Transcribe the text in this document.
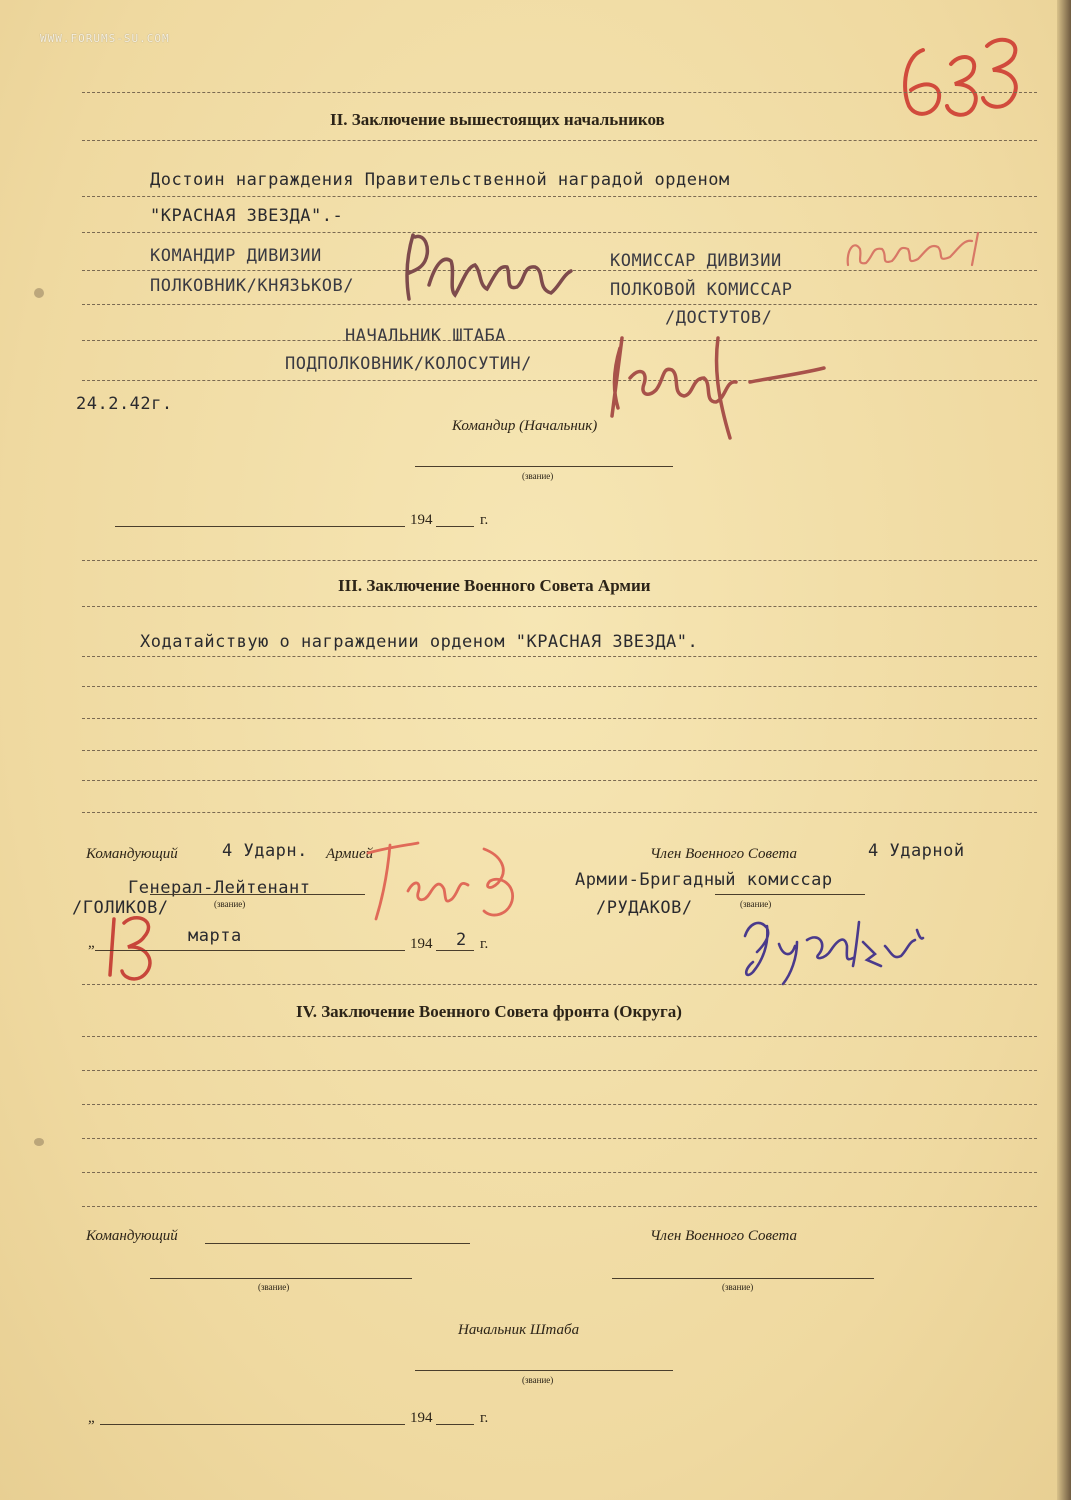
WWW.FORUMS-SU.COM
II. Заключение вышестоящих начальников
Достоин награждения Правительственной наградой орденом
"КРАСНАЯ ЗВЕЗДА".-
КОМАНДИР ДИВИЗИИ	КОМИССАР ДИВИЗИИ
ПОЛКОВНИК/КНЯЗЬКОВ/	ПОЛКОВОЙ КОМИССАР
/ДОСТУТОВ/
НАЧАЛЬНИК ШТАБА
ПОДПОЛКОВНИК/КОЛОСУТИН/
24.2.42г.
Командир (Начальник)
(звание)
194	г.
III. Заключение Военного Совета Армии
Ходатайствую о награждении орденом "КРАСНАЯ ЗВЕЗДА".
Командующий	4 Ударн. Армией	Член Военного Совета	4 Ударной
Генерал-Лейтенант	Армии-Бригадный комиссар
/ГОЛИКОВ/	(звание)	/РУДАКОВ/	(звание)
„	марта	194 2 г.
IV. Заключение Военного Совета фронта (Округа)
Командующий	Член Военного Совета
(звание)	(звание)
Начальник Штаба
(звание)
„	194	г.
